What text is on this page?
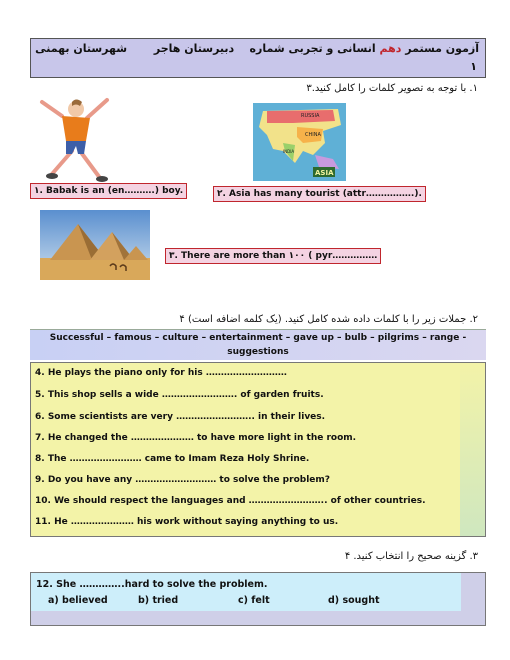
آزمون مستمر دهم انسانی و تجربی شماره    دبیرستان هاجر       شهرستان بهمنی
۱
۱. با توجه به تصویر کلمات را کامل کنید.۳
RUSSIA
CHINA
INDIA
ASIA
۱. Babak is an (en……….) boy.	۲. Asia has many tourist (attr…………….).
۳. There are more than ۱۰۰ ( pyr……………
۲. جملات زیر را با کلمات داده شده کامل کنید. (یک کلمه اضافه است) ۴
Successful – famous – culture – entertainment – gave up – bulb – pilgrims – range -
suggestions
4. He plays the piano only for his ………………………
5. This shop sells a wide ……………………. of garden fruits.
6. Some scientists are very …………………….. in their lives.
7. He changed the ………………… to have more light in the room.
8. The …………………… came to Imam Reza Holy Shrine.
9. Do you have any ……………………… to solve the problem?
10. We should respect the languages and …………………….. of other countries.
11. He ………………… his work without saying anything to us.
۳. گزینه صحیح را انتخاب کنید. ۴
12. She …………..hard to solve the problem.
a) believed	b) tried	c) felt	d) sought
